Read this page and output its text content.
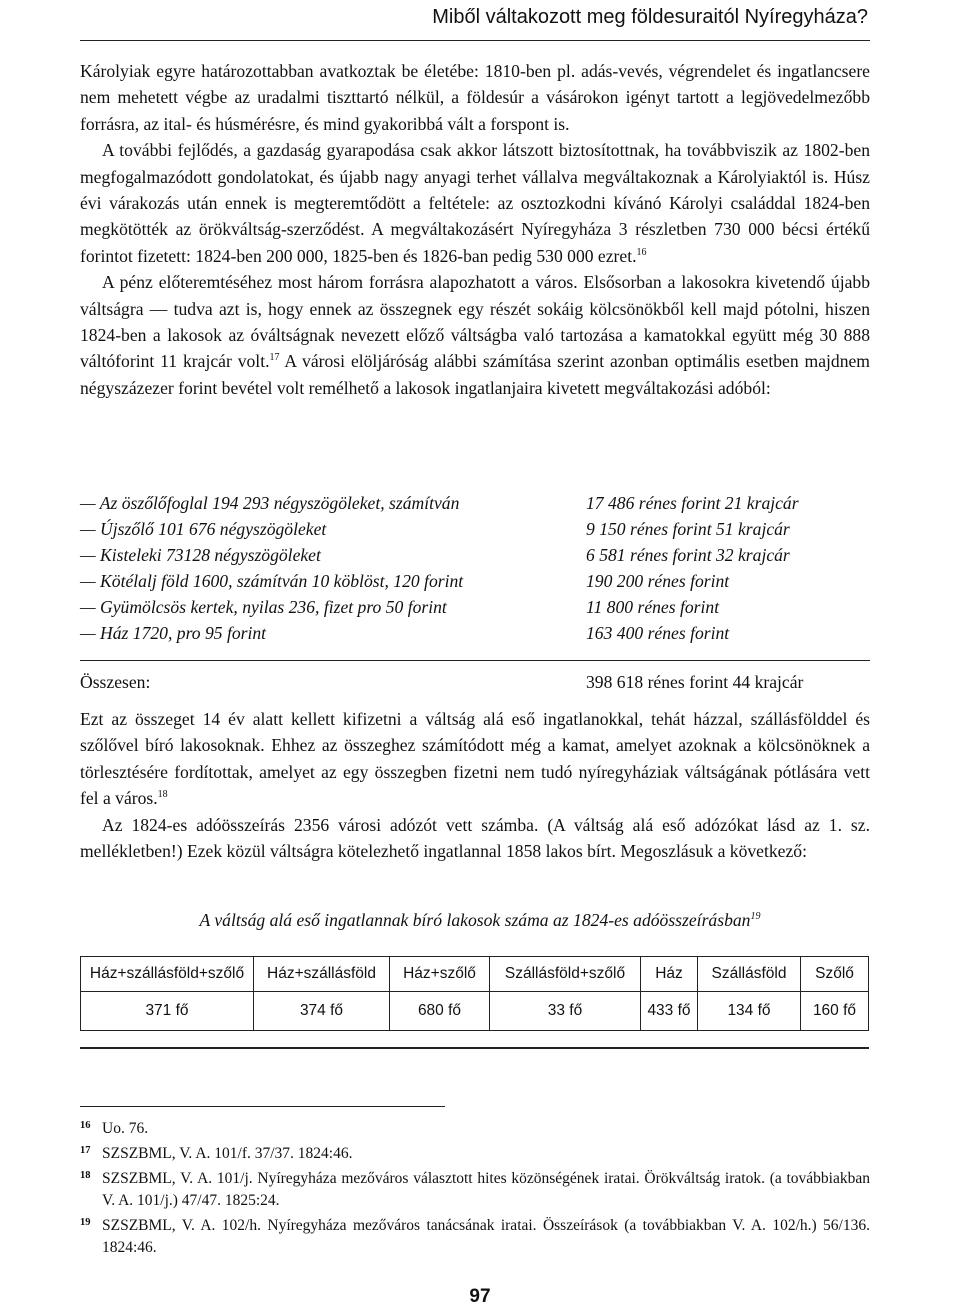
Miből váltakozott meg földesuraitól Nyíregyháza?

Károlyiak egyre határozottabban avatkoztak be életébe: 1810-ben pl. adás-vevés, végrendelet és ingatlancsere nem mehetett végbe az uradalmi tiszttartó nélkül, a földesúr a vásárokon igényt tartott a legjövedelmezőbb forrásra, az ital- és húsmérésre, és mind gyakoribbá vált a forspont is.

A további fejlődés, a gazdaság gyarapodása csak akkor látszott biztosítottnak, ha továbbviszik az 1802-ben megfogalmazódott gondolatokat, és újabb nagy anyagi terhet vállalva megváltakoznak a Károlyiaktól is. Húsz évi várakozás után ennek is megteremtődött a feltétele: az osztozkodni kívánó Károlyi családdal 1824-ben megkötötték az örökváltság-szerződést. A megváltakozásért Nyíregyháza 3 részletben 730 000 bécsi értékű forintot fizetett: 1824-ben 200 000, 1825-ben és 1826-ban pedig 530 000 ezret.$^{16}$

A pénz előteremtéséhez most három forrásra alapozhatott a város. Elsősorban a lakosokra kivetendő újabb váltságra — tudva azt is, hogy ennek az összegnek egy részét sokáig kölcsönökből kell majd pótolni, hiszen 1824-ben a lakosok az óváltságnak nevezett előző váltságba való tartozása a kamatokkal együtt még 30 888 váltóforint 11 krajcár volt.$^{17}$ A városi elöljáróság alábbi számítása szerint azonban optimális esetben majdnem négyszázezer forint bevétel volt remélhető a lakosok ingatlanjaira kivetett megváltakozási adóból:

— Az öszőlőfoglal 194 293 négyszögöleket, számítván	17 486 rénes forint 21 krajcár
— Újszőlő 101 676 négyszögöleket	9 150 rénes forint 51 krajcár
— Kisteleki 73128 négyszögöleket	6 581 rénes forint 32 krajcár
— Kötélalj föld 1600, számítván 10 köblöst, 120 forint	190 200 rénes forint
— Gyümölcsös kertek, nyilas 236, fizet pro 50 forint	11 800 rénes forint
— Ház 1720, pro 95 forint	163 400 rénes forint
Összesen:	398 618 rénes forint 44 krajcár

Ezt az összeget 14 év alatt kellett kifizetni a váltság alá eső ingatlanokkal, tehát házzal, szállásfölddel és szőlővel bíró lakosoknak. Ehhez az összeghez számítódott még a kamat, amelyet azoknak a kölcsönöknek a törlesztésére fordítottak, amelyet az egy összegben fizetni nem tudó nyíregyháziak váltságának pótlására vett fel a város.$^{18}$

Az 1824-es adóösszeírás 2356 városi adózót vett számba. (A váltság alá eső adózókat lásd az 1. sz. mellékletben!) Ezek közül váltságra kötelezhető ingatlannal 1858 lakos bírt. Megoszlásuk a következő:

A váltság alá eső ingatlannak bíró lakosok száma az 1824-es adóösszeírásban$^{19}$
Ház+szállásföld+szőlő	Ház+szállásföld	Ház+szőlő	Szállásföld+szőlő	Ház	Szállásföld	Szőlő
371 fő	374 fő	680 fő	33 fő	433 fő	134 fő	160 fő
16 Uo. 76.
17 SZSZBML, V. A. 101/f. 37/37. 1824:46.
18 SZSZBML, V. A. 101/j. Nyíregyháza mezőváros választott hites közönségének iratai. Örökváltság iratok. (a továbbiakban V. A. 101/j.) 47/47. 1825:24.
19 SZSZBML, V. A. 102/h. Nyíregyháza mezőváros tanácsának iratai. Összeírások (a továbbiakban V. A. 102/h.) 56/136. 1824:46.
97
